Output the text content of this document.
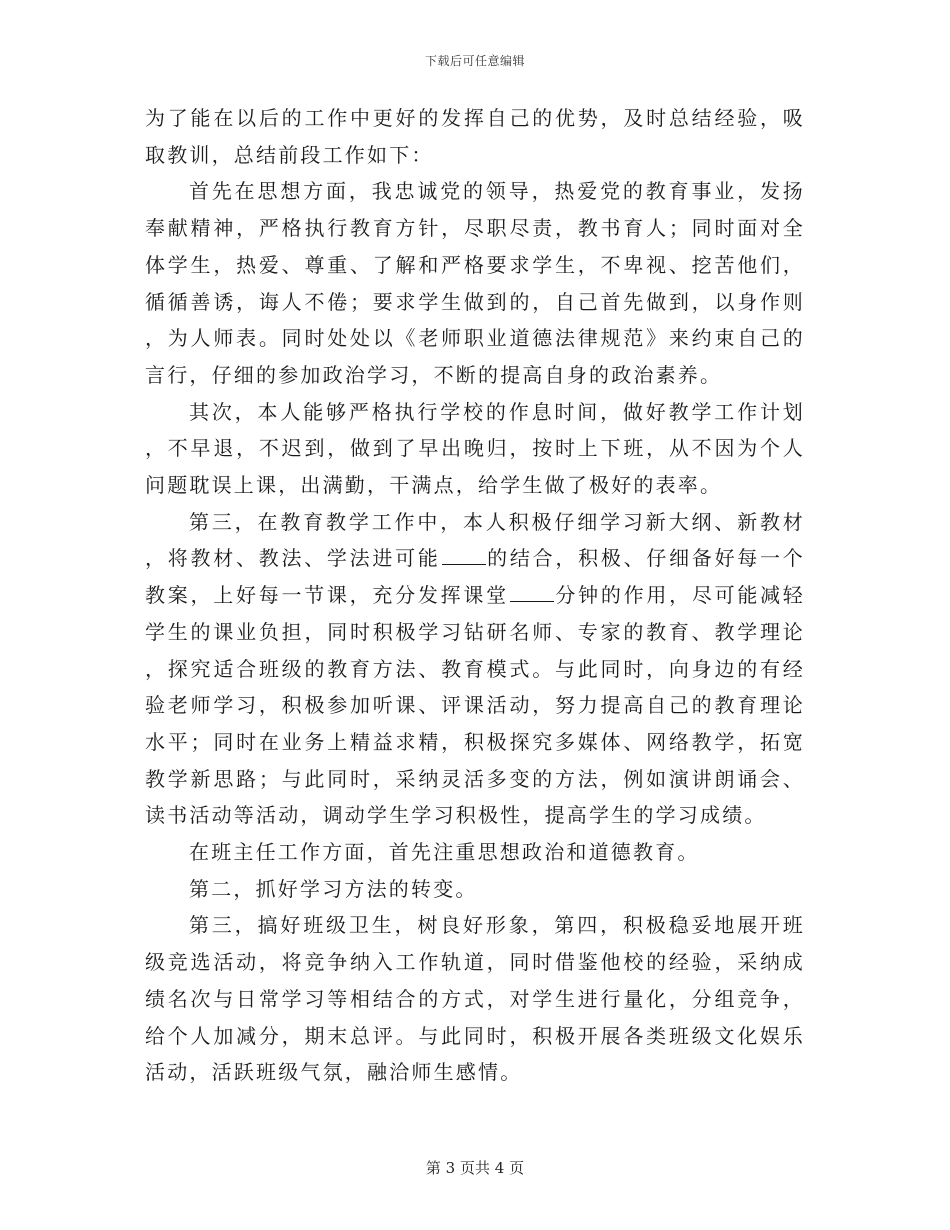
下载后可任意编辑

为了能在以后的工作中更好的发挥自己的优势，及时总结经验，吸取教训，总结前段工作如下：

首先在思想方面，我忠诚党的领导，热爱党的教育事业，发扬奉献精神，严格执行教育方针，尽职尽责，教书育人；同时面对全体学生，热爱、尊重、了解和严格要求学生，不卑视、挖苦他们，循循善诱，诲人不倦；要求学生做到的，自己首先做到，以身作则，为人师表。同时处处以《老师职业道德法律规范》来约束自己的言行，仔细的参加政治学习，不断的提高自身的政治素养。

其次，本人能够严格执行学校的作息时间，做好教学工作计划，不早退，不迟到，做到了早出晚归，按时上下班，从不因为个人问题耽误上课，出满勤，干满点，给学生做了极好的表率。

第三，在教育教学工作中，本人积极仔细学习新大纲、新教材，将教材、教法、学法进可能 的结合，积极、仔细备好每一个教案，上好每一节课，充分发挥课堂 分钟的作用，尽可能减轻学生的课业负担，同时积极学习钻研名师、专家的教育、教学理论，探究适合班级的教育方法、教育模式。与此同时，向身边的有经验老师学习，积极参加听课、评课活动，努力提高自己的教育理论水平；同时在业务上精益求精，积极探究多媒体、网络教学，拓宽教学新思路；与此同时，采纳灵活多变的方法，例如演讲朗诵会、读书活动等活动，调动学生学习积极性，提高学生的学习成绩。

在班主任工作方面，首先注重思想政治和道德教育。

第二，抓好学习方法的转变。

第三，搞好班级卫生，树良好形象，第四，积极稳妥地展开班级竞选活动，将竞争纳入工作轨道，同时借鉴他校的经验，采纳成绩名次与日常学习等相结合的方式，对学生进行量化，分组竞争，给个人加减分，期末总评。与此同时，积极开展各类班级文化娱乐活动，活跃班级气氛，融洽师生感情。

第 3 页共 4 页
